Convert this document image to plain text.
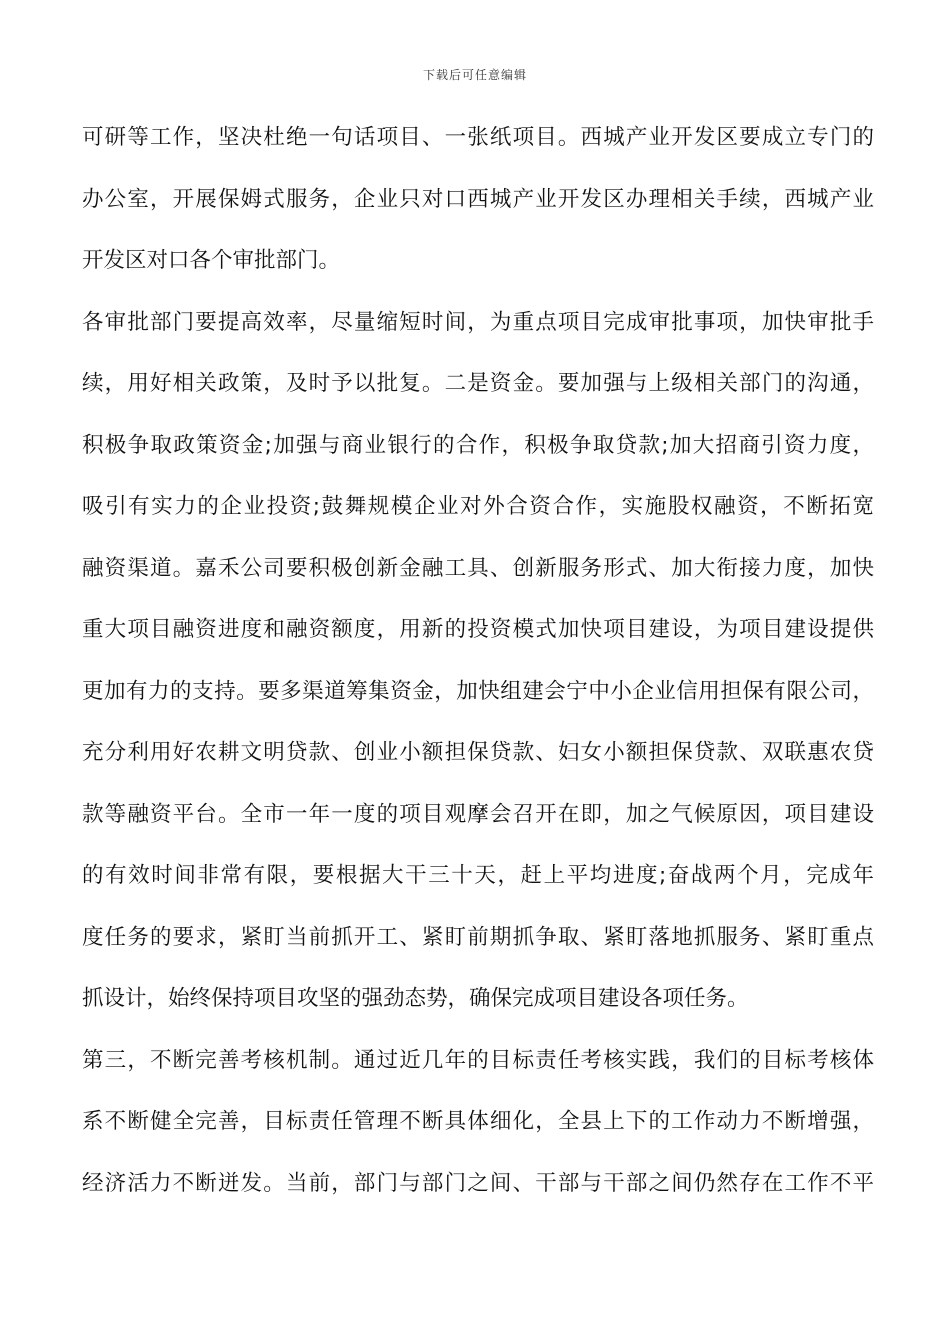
下载后可任意编辑
可研等工作，坚决杜绝一句话项目、一张纸项目。西城产业开发区要成立专门的
办公室，开展保姆式服务，企业只对口西城产业开发区办理相关手续，西城产业
开发区对口各个审批部门。
各审批部门要提高效率，尽量缩短时间，为重点项目完成审批事项，加快审批手
续，用好相关政策，及时予以批复。二是资金。要加强与上级相关部门的沟通，
积极争取政策资金;加强与商业银行的合作，积极争取贷款;加大招商引资力度，
吸引有实力的企业投资;鼓舞规模企业对外合资合作，实施股权融资，不断拓宽
融资渠道。嘉禾公司要积极创新金融工具、创新服务形式、加大衔接力度，加快
重大项目融资进度和融资额度，用新的投资模式加快项目建设，为项目建设提供
更加有力的支持。要多渠道筹集资金，加快组建会宁中小企业信用担保有限公司，
充分利用好农耕文明贷款、创业小额担保贷款、妇女小额担保贷款、双联惠农贷
款等融资平台。全市一年一度的项目观摩会召开在即，加之气候原因，项目建设
的有效时间非常有限，要根据大干三十天，赶上平均进度;奋战两个月，完成年
度任务的要求，紧盯当前抓开工、紧盯前期抓争取、紧盯落地抓服务、紧盯重点
抓设计，始终保持项目攻坚的强劲态势，确保完成项目建设各项任务。
第三，不断完善考核机制。通过近几年的目标责任考核实践，我们的目标考核体
系不断健全完善，目标责任管理不断具体细化，全县上下的工作动力不断增强，
经济活力不断迸发。当前，部门与部门之间、干部与干部之间仍然存在工作不平
